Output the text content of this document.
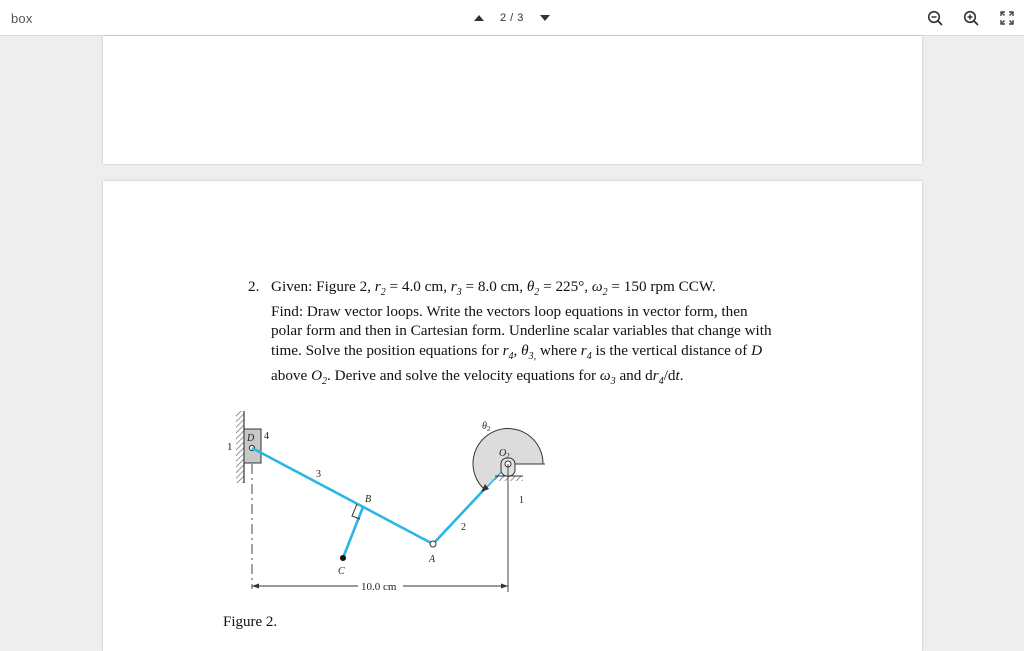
box	2 / 3
2. Given: Figure 2, $r_2 = 4.0$ cm, $r_3 = 8.0$ cm, $\theta_2 = 225^\circ$, $\omega_2 = 150$ rpm CCW.
Find: Draw vector loops. Write the vectors loop equations in vector form, then
polar form and then in Cartesian form. Underline scalar variables that change with
time. Solve the position equations for $r_4$, $\theta_{3,}$ where $r_4$ is the vertical distance of D
above $O_2$. Derive and solve the velocity equations for $\omega_3$ and $dr_4/dt$.
1
D 4
3
B
C
A
2
$O_2$
$\theta_2$
1
10.0 cm
Figure 2.
